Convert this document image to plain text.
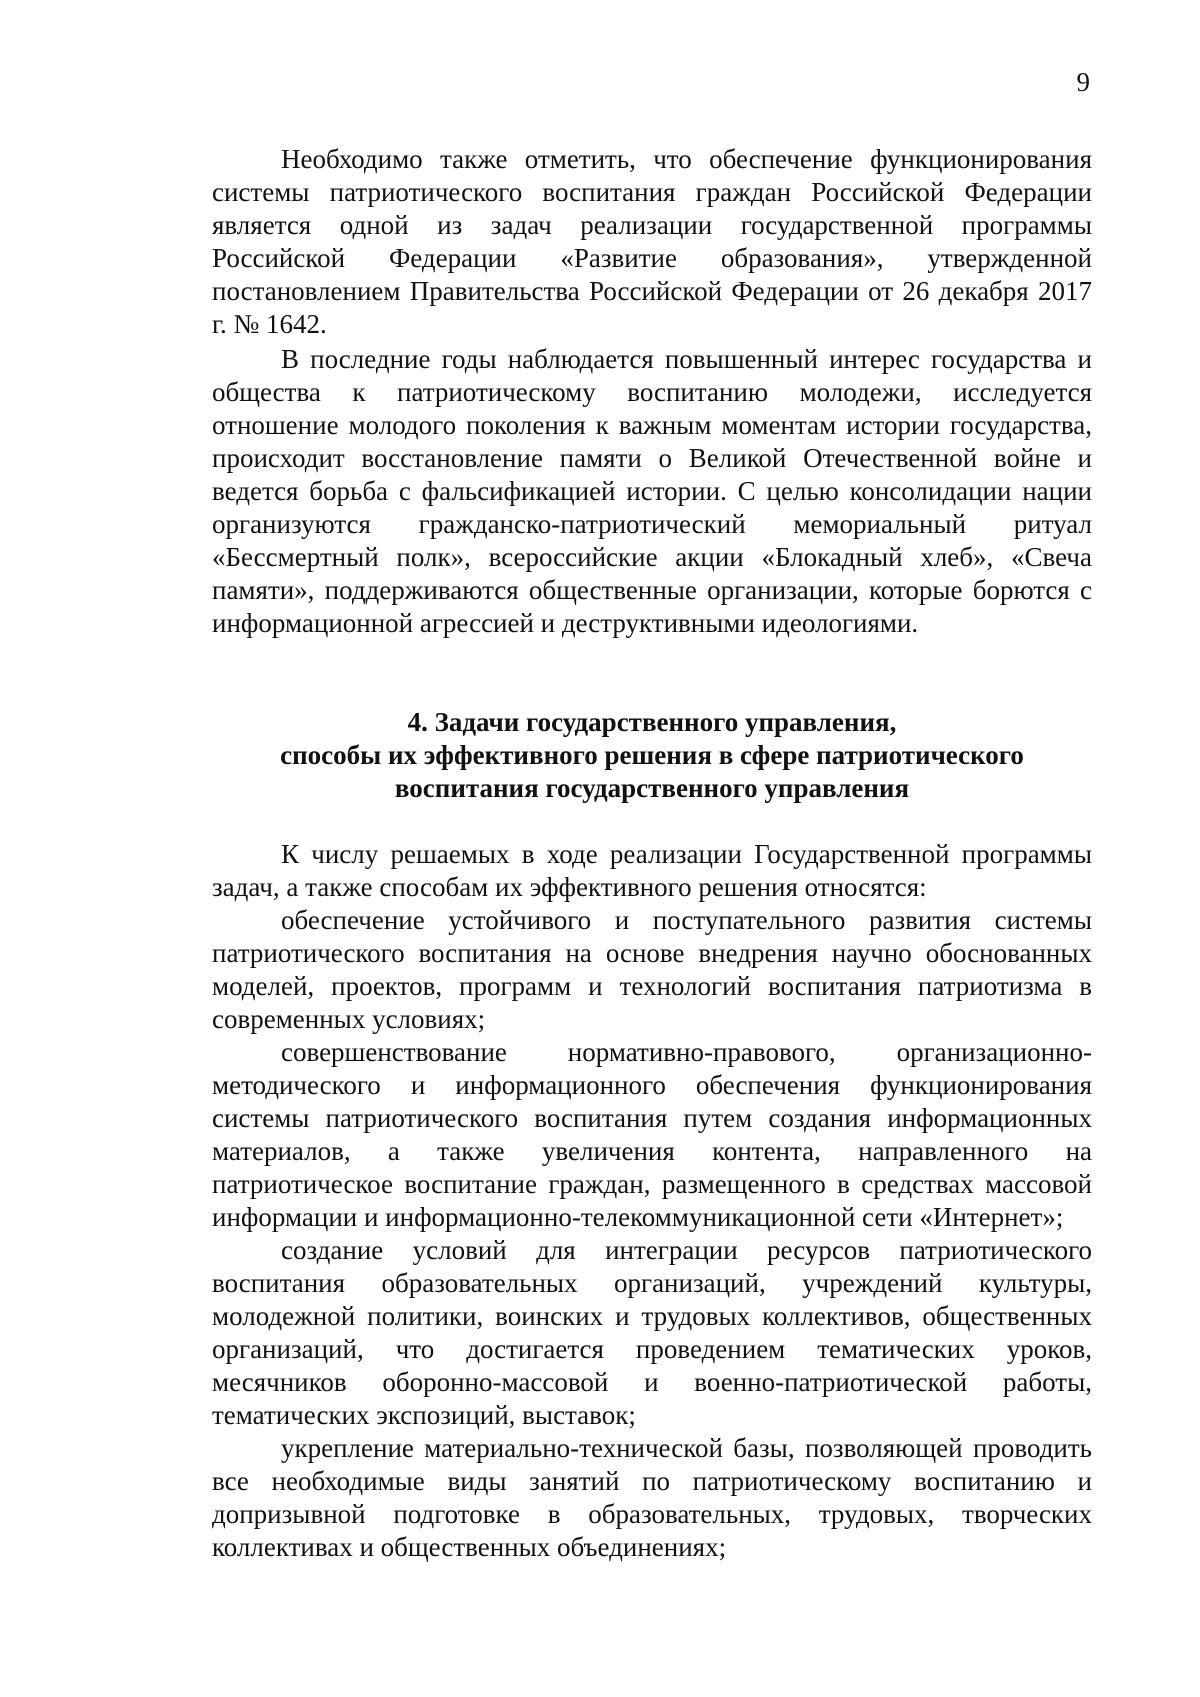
9

Необходимо также отметить, что обеспечение функционирования системы патриотического воспитания граждан Российской Федерации является одной из задач реализации государственной программы Российской Федерации «Развитие образования», утвержденной постановлением Правительства Российской Федерации от 26 декабря 2017 г. № 1642.

В последние годы наблюдается повышенный интерес государства и общества к патриотическому воспитанию молодежи, исследуется отношение молодого поколения к важным моментам истории государства, происходит восстановление памяти о Великой Отечественной войне и ведется борьба с фальсификацией истории. С целью консолидации нации организуются гражданско-патриотический мемориальный ритуал «Бессмертный полк», всероссийские акции «Блокадный хлеб», «Свеча памяти», поддерживаются общественные организации, которые борются с информационной агрессией и деструктивными идеологиями.

4. Задачи государственного управления,
способы их эффективного решения в сфере патриотического
воспитания государственного управления

К числу решаемых в ходе реализации Государственной программы задач, а также способам их эффективного решения относятся:

обеспечение устойчивого и поступательного развития системы патриотического воспитания на основе внедрения научно обоснованных моделей, проектов, программ и технологий воспитания патриотизма в современных условиях;

совершенствование нормативно-правового, организационно-методического и информационного обеспечения функционирования системы патриотического воспитания путем создания информационных материалов, а также увеличения контента, направленного на патриотическое воспитание граждан, размещенного в средствах массовой информации и информационно-телекоммуникационной сети «Интернет»;

создание условий для интеграции ресурсов патриотического воспитания образовательных организаций, учреждений культуры, молодежной политики, воинских и трудовых коллективов, общественных организаций, что достигается проведением тематических уроков, месячников оборонно-массовой и военно-патриотической работы, тематических экспозиций, выставок;

укрепление материально-технической базы, позволяющей проводить все необходимые виды занятий по патриотическому воспитанию и допризывной подготовке в образовательных, трудовых, творческих коллективах и общественных объединениях;
